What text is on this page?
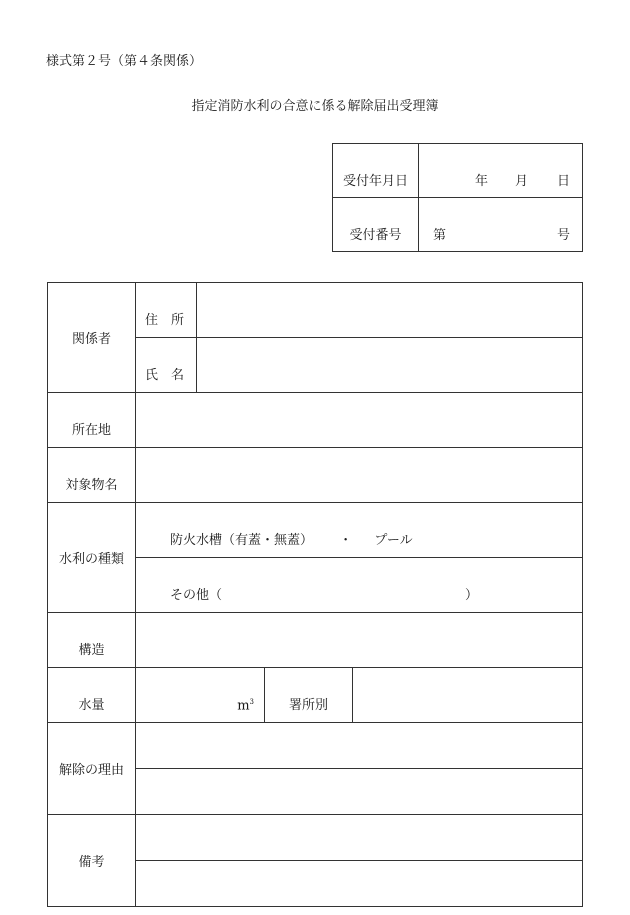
様式第２号（第４条関係）
指定消防水利の合意に係る解除届出受理簿
受付年月日	年 月 日

受付番号	第 号
関係者	住　所			
	氏　名			
所在地				
対象物名				
水利の種類	防火水槽（有蓋・無蓋） ・ プール			
	その他（ ）			

構造				
水量	$m^3$		署所別	
解除の理由				

備考				
